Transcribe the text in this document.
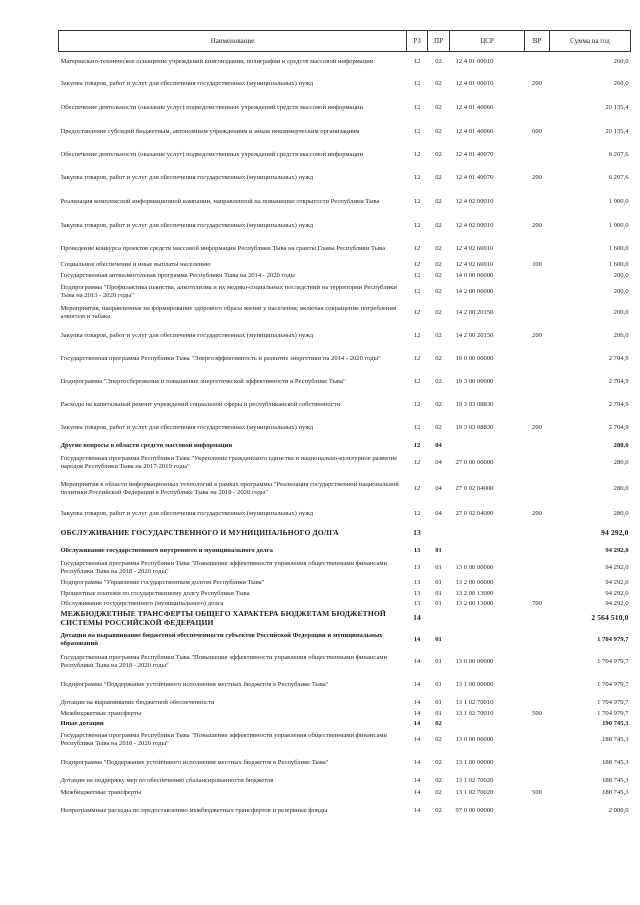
Наименование	РЗ	ПР	ЦСР	ВР	Сумма на год
Материально-техническое оснащение учреждений книгоиздания, полиграфии и средств массовой информации	12	02	12 4 01 00010		260,0
Закупка товаров, работ и услуг для обеспечения государственных (муниципальных) нужд	12	02	12 4 01 00010	200	260,0
Обеспечение деятельности (оказание услуг) подведомственных учреждений средств массовой информации	12	02	12 4 01 40060		20 135,4
Предоставление субсидий бюджетным, автономным учреждениям и иным некоммерческим организациям	12	02	12 4 01 40060	600	20 135,4
Обеспечение деятельности (оказание услуг) подведомственных учреждений средств массовой информации	12	02	12 4 01 40070		6 207,6
Закупка товаров, работ и услуг для обеспечения государственных (муниципальных) нужд	12	02	12 4 01 40070	200	6 207,6
Реализация комплексной информационной кампании, направленной на повышение открытости Республики Тыва	12	02	12 4 02 00010		1 000,0
Закупка товаров, работ и услуг для обеспечения государственных (муниципальных) нужд	12	02	12 4 02 00010	200	1 000,0
Проведение конкурса проектов средств массовой информации Республики Тыва на гранты Главы Республики Тыва	12	02	12 4 02 60010		1 600,0
Социальное обеспечение и иные выплаты населению	12	02	12 4 02 60010	300	1 600,0
Государственная антиалкогольная программа Республики Тыва на 2014 - 2020 годы	12	02	14 0 00 00000		200,0
Подпрограмма "Профилактика пьянства, алкоголизма и их медико-социальных последствий на территории Республики Тыва на 2013 - 2020 годы"	12	02	14 2 00 00000		200,0
Мероприятия, направленные на формирование здорового образа жизни у населения, включая сокращение потребления алкоголя и табака	12	02	14 2 00 20150		200,0
Закупка товаров, работ и услуг для обеспечения государственных (муниципальных) нужд	12	02	14 2 00 20150	200	200,0
Государственная программа Республики Тыва "Энергоэффективность и развитие энергетики на 2014 - 2020 годы"	12	02	19 0 00 00000		2 704,9
Подпрограмма "Энергосбережение и повышение энергетической эффективности в Республике Тыва"	12	02	19 3 00 00000		2 704,9
Расходы на капитальный ремонт учреждений социальной сферы и республиканской собственности	12	02	19 3 03 08830		2 704,9
Закупка товаров, работ и услуг для обеспечения государственных (муниципальных) нужд	12	02	19 3 03 08830	200	2 704,9
Другие вопросы в области средств массовой информации	12	04			280,0
Государственная программа Республики Тыва "Укрепление гражданского единства и национально-культурное развитие народов Республики Тыва на 2017-2019 годы"	12	04	27 0 00 00000		280,0
Мероприятия в области информационных технологий в рамках программы "Реализация государственной национальной политики Российской Федерации в Республике Тыва на 2018 - 2020 годы"	12	04	27 0 02 04000		280,0
Закупка товаров, работ и услуг для обеспечения государственных (муниципальных) нужд	12	04	27 0 02 04000	200	280,0
ОБСЛУЖИВАНИЕ ГОСУДАРСТВЕННОГО И МУНИЦИПАЛЬНОГО ДОЛГА	13				94 292,0
Обслуживание государственного внутреннего и муниципального долга	13	01			94 292,0
Государственная программа Республики Тыва "Повышение эффективности управления общественными финансами Республики Тыва на 2018 - 2020 годы"	13	01	13 0 00 00000		94 292,0
Подпрограмма "Управление государственным долгом Республики Тыва"	13	01	13 2 00 00000		94 292,0
Процентные платежи по государственному долгу Республики Тыва	13	01	13 2 00 13000		94 292,0
Обслуживание государственного (муниципального) долга	13	01	13 2 00 13000	700	94 292,0
МЕЖБЮДЖЕТНЫЕ ТРАНСФЕРТЫ ОБЩЕГО ХАРАКТЕРА БЮДЖЕТАМ БЮДЖЕТНОЙ СИСТЕМЫ РОССИЙСКОЙ ФЕДЕРАЦИИ	14				2 564 510,0
Дотации на выравнивание бюджетной обеспеченности субъектов Российской Федерации и муниципальных образований	14	01			1 704 979,7
Государственная программа Республики Тыва "Повышение эффективности управления общественными финансами Республики Тыва на 2018 - 2020 годы"	14	01	13 0 00 00000		1 704 979,7
Подпрограмма "Поддержание устойчивого исполнения местных бюджетов в Республике Тыва"	14	01	13 1 00 00000		1 704 979,7
Дотации на выравнивание бюджетной обеспеченности	14	01	13 1 02 70010		1 704 979,7
Межбюджетные трансферты	14	01	13 1 02 70010	500	1 704 979,7
Иные дотации	14	02			190 745,3
Государственная программа Республики Тыва "Повышение эффективности управления общественными финансами Республики Тыва на 2018 - 2020 годы"	14	02	13 0 00 00000		188 745,3
Подпрограмма "Поддержание устойчивого исполнения местных бюджетов в Республике Тыва"	14	02	13 1 00 00000		188 745,3
Дотации на поддержку мер по обеспечению сбалансированности бюджетов	14	02	13 1 02 70020		188 745,3
Межбюджетные трансферты	14	02	13 1 02 70020	500	188 745,3
Непрограммные расходы по предоставлению межбюджетных трансфертов и резервные фонды	14	02	97 0 00 00000		2 000,0
